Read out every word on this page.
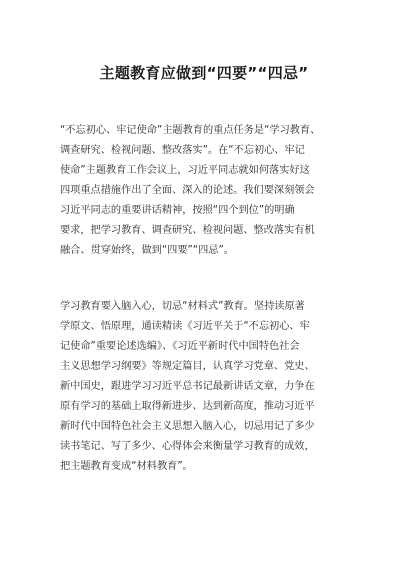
主题教育应做到“四要”“四忌”
“不忘初心、牢记使命”主题教育的重点任务是“学习教育、
调查研究、检视问题、整改落实”。在“不忘初心、牢记
使命”主题教育工作会议上，习近平同志就如何落实好这
四项重点措施作出了全面、深入的论述。我们要深刻领会
习近平同志的重要讲话精神，按照“四个到位”的明确
要求，把学习教育、调查研究、检视问题、整改落实有机
融合、贯穿始终，做到“四要”“四忌”。
学习教育要入脑入心，切忌“材料式”教育。坚持读原著
学原文、悟原理，通读精读《习近平关于“不忘初心、牢
记使命”重要论述选编》、《习近平新时代中国特色社会
主义思想学习纲要》等规定篇目，认真学习党章、党史、
新中国史，跟进学习习近平总书记最新讲话文章，力争在
原有学习的基础上取得新进步、达到新高度，推动习近平
新时代中国特色社会主义思想入脑入心，切忌用记了多少
读书笔记、写了多少、心得体会来衡量学习教育的成效，
把主题教育变成“材料教育”。
